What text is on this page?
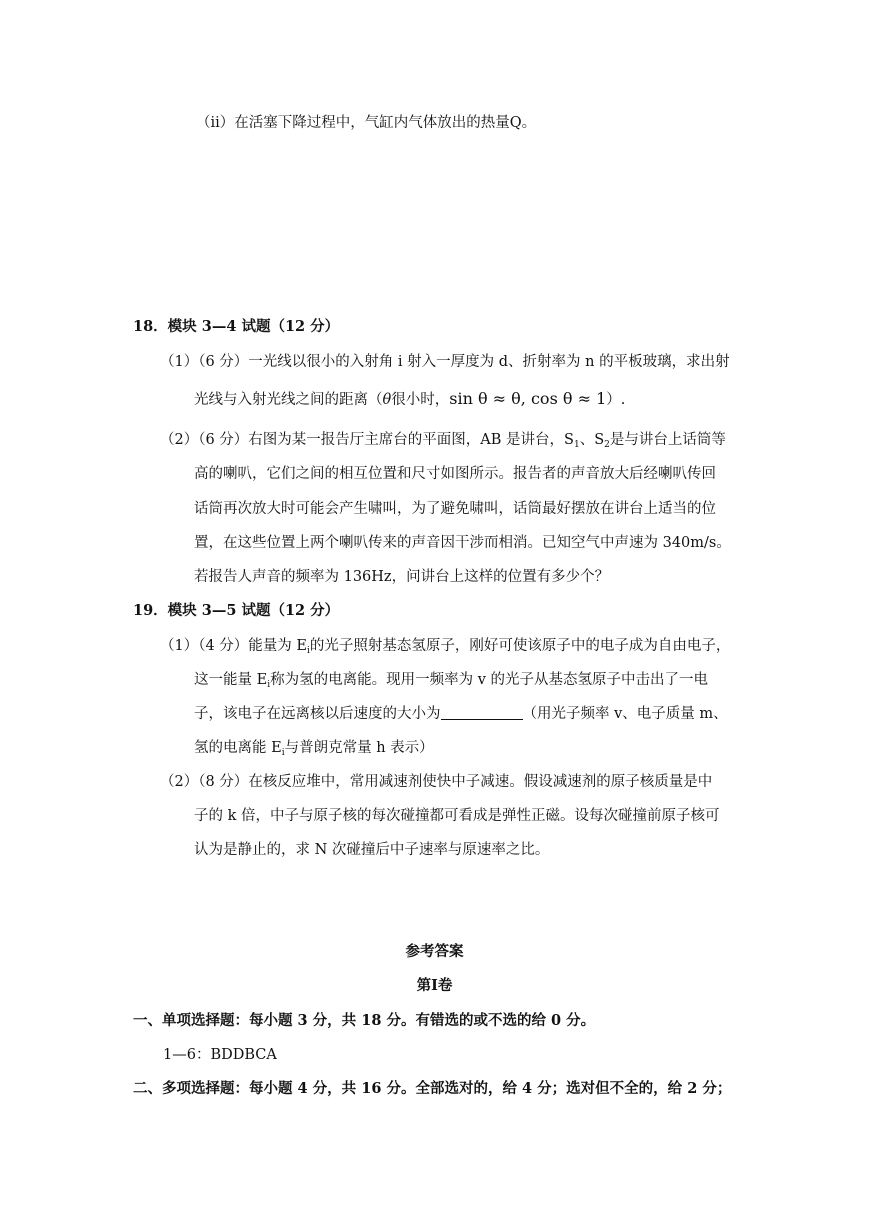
（ii）在活塞下降过程中，气缸内气体放出的热量Q。
18．模块 3—4 试题（12 分）
（1）（6 分）一光线以很小的入射角 i 射入一厚度为 d、折射率为 n 的平板玻璃，求出射
光线与入射光线之间的距离（θ很小时，sin θ ≈ θ, cos θ ≈ 1）.
（2）（6 分）右图为某一报告厅主席台的平面图，AB 是讲台，$S_1$、$S_2$是与讲台上话筒等
高的喇叭，它们之间的相互位置和尺寸如图所示。报告者的声音放大后经喇叭传回
话筒再次放大时可能会产生啸叫，为了避免啸叫，话筒最好摆放在讲台上适当的位
置，在这些位置上两个喇叭传来的声音因干涉而相消。已知空气中声速为 340m/s。
若报告人声音的频率为 136Hz，问讲台上这样的位置有多少个？
19．模块 3—5 试题（12 分）
（1）（4 分）能量为 $E_i$的光子照射基态氢原子，刚好可使该原子中的电子成为自由电子，
这一能量 $E_i$称为氢的电离能。现用一频率为 v 的光子从基态氢原子中击出了一电
子，该电子在远离核以后速度的大小为	（用光子频率 v、电子质量 m、
氢的电离能 $E_i$与普朗克常量 h 表示）
（2）（8 分）在核反应堆中，常用减速剂使快中子减速。假设减速剂的原子核质量是中
子的 k 倍，中子与原子核的每次碰撞都可看成是弹性正磁。设每次碰撞前原子核可
认为是静止的，求 N 次碰撞后中子速率与原速率之比。
参考答案
第Ⅰ卷
一、单项选择题：每小题 3 分，共 18 分。有错选的或不选的给 0 分。
1—6：BDDBCA
二、多项选择题：每小题 4 分，共 16 分。全部选对的，给 4 分；选对但不全的，给 2 分；
